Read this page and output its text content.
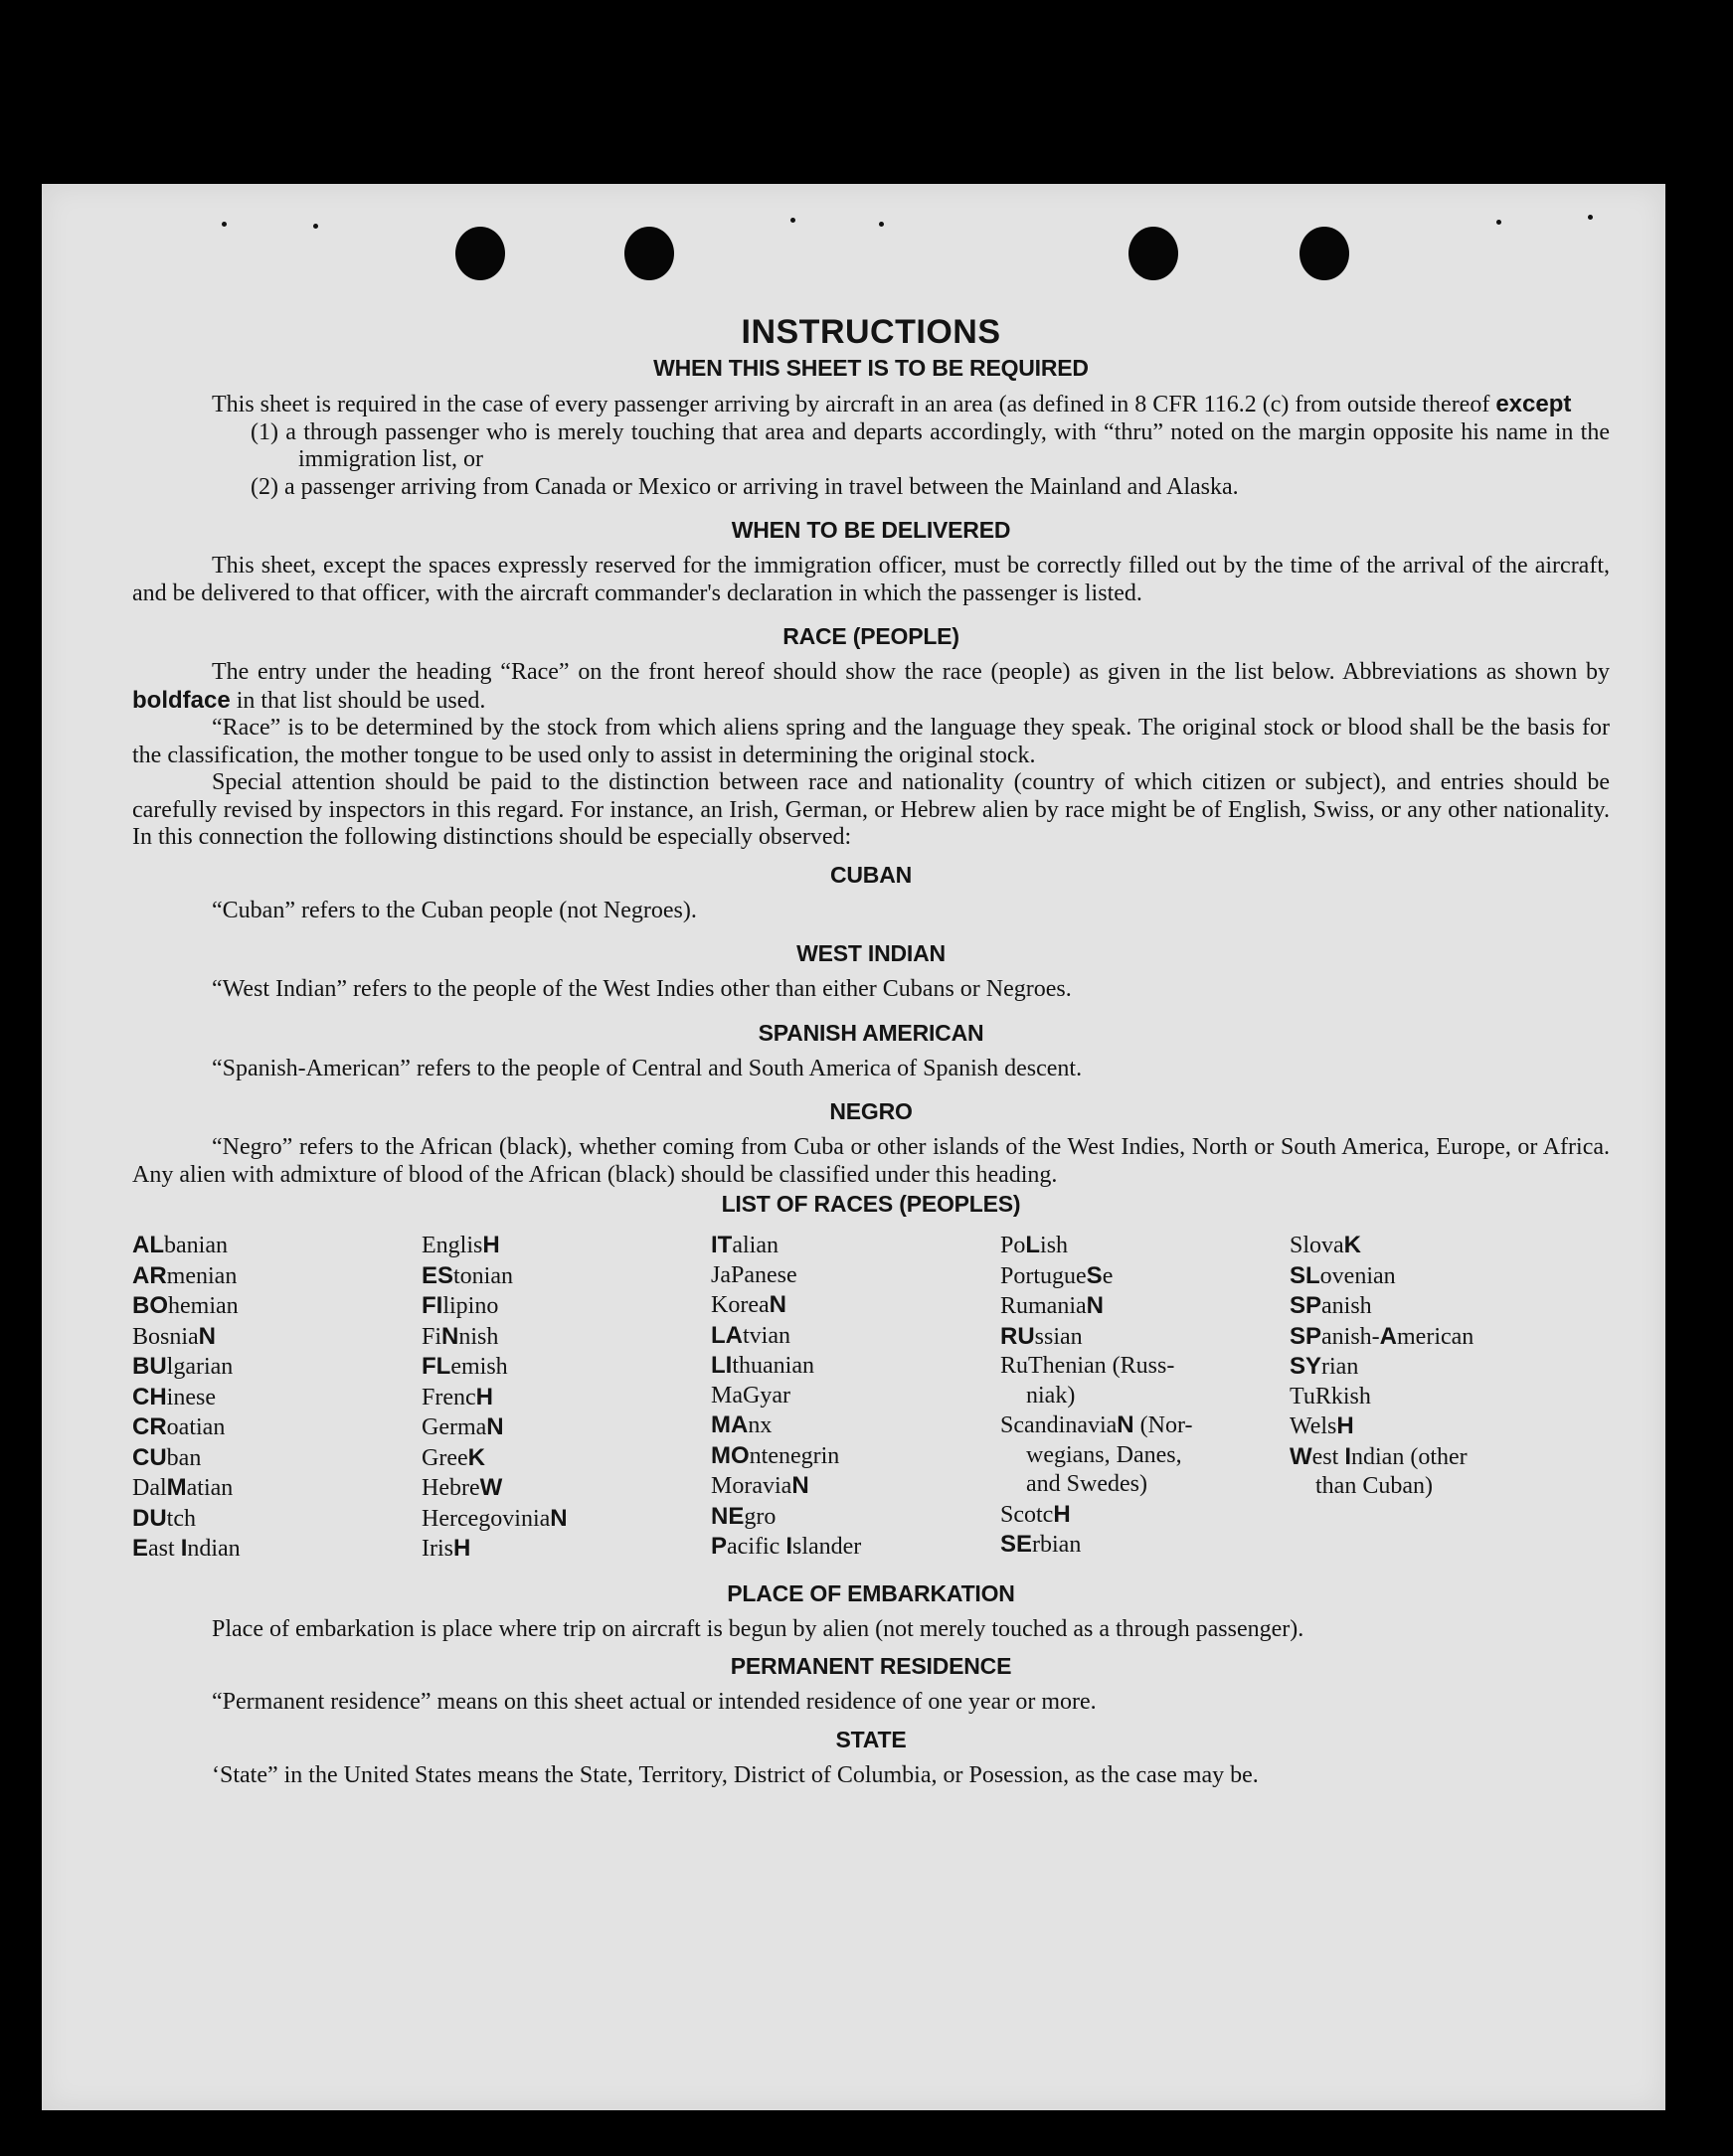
INSTRUCTIONS
WHEN THIS SHEET IS TO BE REQUIRED

This sheet is required in the case of every passenger arriving by aircraft in an area (as defined in 8 CFR 116.2 (c) from outside thereof except

(1) a through passenger who is merely touching that area and departs accordingly, with “thru” noted on the margin opposite his name in the immigration list, or

(2) a passenger arriving from Canada or Mexico or arriving in travel between the Mainland and Alaska.

WHEN TO BE DELIVERED

This sheet, except the spaces expressly reserved for the immigration officer, must be correctly filled out by the time of the arrival of the aircraft, and be delivered to that officer, with the aircraft commander's declaration in which the passenger is listed.

RACE (PEOPLE)

The entry under the heading “Race” on the front hereof should show the race (people) as given in the list below. Abbreviations as shown by boldface in that list should be used.

“Race” is to be determined by the stock from which aliens spring and the language they speak. The original stock or blood shall be the basis for the classification, the mother tongue to be used only to assist in determining the original stock.

Special attention should be paid to the distinction between race and nationality (country of which citizen or subject), and entries should be carefully revised by inspectors in this regard. For instance, an Irish, German, or Hebrew alien by race might be of English, Swiss, or any other nationality. In this connection the following distinctions should be especially observed:

CUBAN

“Cuban” refers to the Cuban people (not Negroes).

WEST INDIAN

“West Indian” refers to the people of the West Indies other than either Cubans or Negroes.

SPANISH AMERICAN

“Spanish-American” refers to the people of Central and South America of Spanish descent.

NEGRO

“Negro” refers to the African (black), whether coming from Cuba or other islands of the West Indies, North or South America, Europe, or Africa. Any alien with admixture of blood of the African (black) should be classified under this heading.

LIST OF RACES (PEOPLES)
ALbanian
ARmenian
BOhemian
BosniaN
BUlgarian
CHinese
CRoatian
CUban
DalMatian
DUtch
East Indian
EnglisH
EStonian
FIlipino
FiNnish
FLemish
FrencH
GermaN
GreeK
HebreW
HercegoviniaN
IrisH
ITalian
JaPanese
KoreaN
LAtvian
LIthuanian
MaGyar
MAnx
MOntenegrin
MoraviaN
NEgro
Pacific Islander
PoLish
PortugueSe
RumaniaN
RUssian
RuThenian (Russ-
niak)
ScandinaviaN (Nor-
wegians, Danes,
and Swedes)
ScotcH
SErbian
SlovaK
SLovenian
SPanish
SPanish-American
SYrian
TuRkish
WelsH
West Indian (other
than Cuban)
PLACE OF EMBARKATION

Place of embarkation is place where trip on aircraft is begun by alien (not merely touched as a through passenger).

PERMANENT RESIDENCE

“Permanent residence” means on this sheet actual or intended residence of one year or more.

STATE

‘State” in the United States means the State, Territory, District of Columbia, or Posession, as the case may be.
